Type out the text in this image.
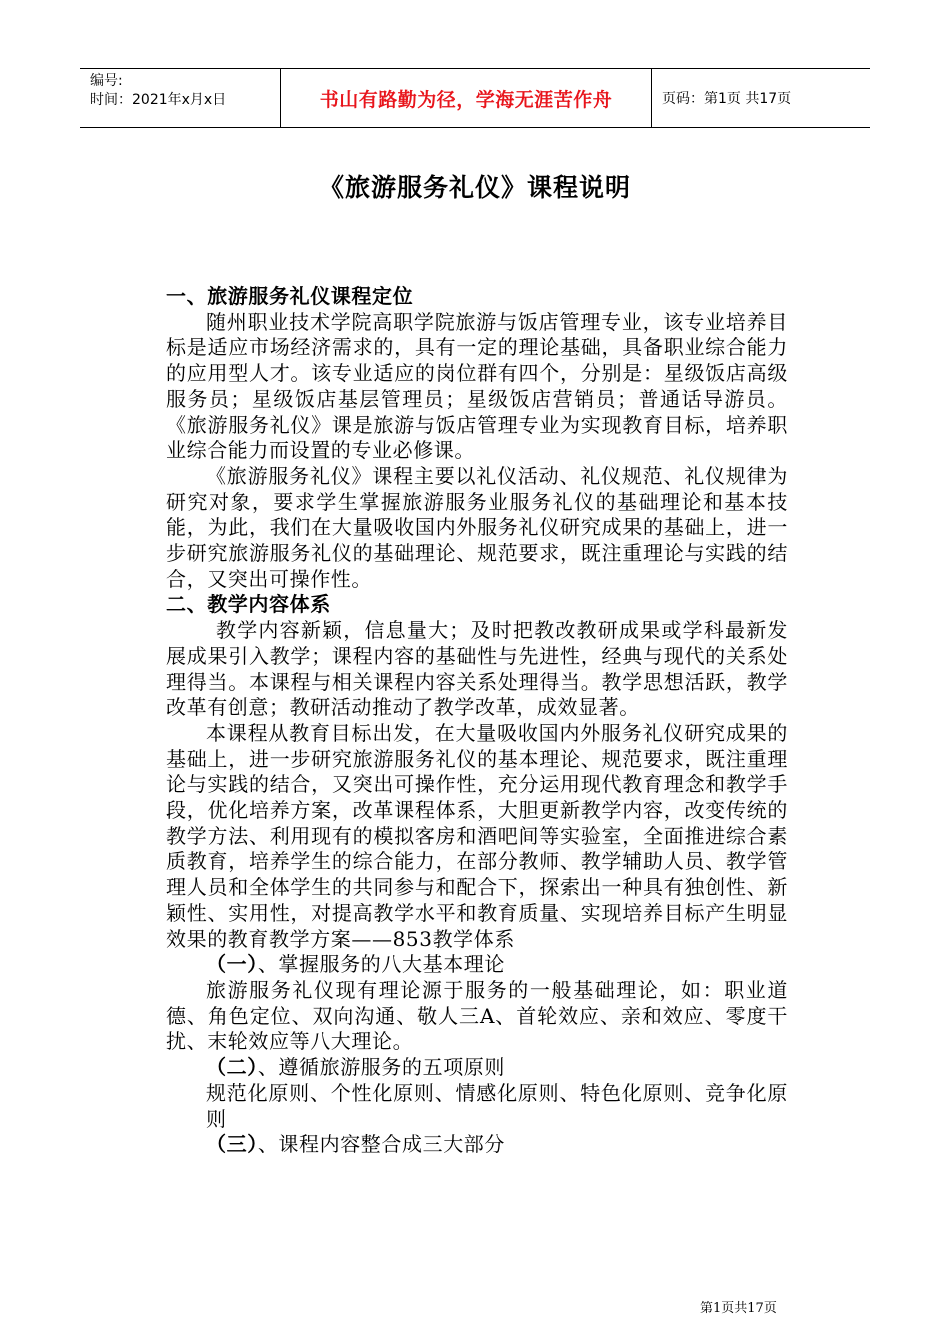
编号:
时间：2021年x月x日	书山有路勤为径，学海无涯苦作舟	页码：第1页 共17页
《旅游服务礼仪》课程说明

一、旅游服务礼仪课程定位

随州职业技术学院高职学院旅游与饭店管理专业，该专业培养目标是适应市场经济需求的，具有一定的理论基础，具备职业综合能力的应用型人才。该专业适应的岗位群有四个，分别是：星级饭店高级服务员；星级饭店基层管理员；星级饭店营销员；普通话导游员。《旅游服务礼仪》课是旅游与饭店管理专业为实现教育目标，培养职业综合能力而设置的专业必修课。

《旅游服务礼仪》课程主要以礼仪活动、礼仪规范、礼仪规律为研究对象，要求学生掌握旅游服务业服务礼仪的基础理论和基本技能，为此，我们在大量吸收国内外服务礼仪研究成果的基础上，进一步研究旅游服务礼仪的基础理论、规范要求，既注重理论与实践的结合，又突出可操作性。

二、教学内容体系

教学内容新颖，信息量大；及时把教改教研成果或学科最新发展成果引入教学；课程内容的基础性与先进性，经典与现代的关系处理得当。本课程与相关课程内容关系处理得当。教学思想活跃，教学改革有创意；教研活动推动了教学改革，成效显著。

本课程从教育目标出发，在大量吸收国内外服务礼仪研究成果的基础上，进一步研究旅游服务礼仪的基本理论、规范要求，既注重理论与实践的结合，又突出可操作性，充分运用现代教育理念和教学手段，优化培养方案，改革课程体系，大胆更新教学内容，改变传统的教学方法、利用现有的模拟客房和酒吧间等实验室，全面推进综合素质教育，培养学生的综合能力，在部分教师、教学辅助人员、教学管理人员和全体学生的共同参与和配合下，探索出一种具有独创性、新颖性、实用性，对提高教学水平和教育质量、实现培养目标产生明显效果的教育教学方案——853教学体系

（一）、掌握服务的八大基本理论

旅游服务礼仪现有理论源于服务的一般基础理论，如：职业道德、角色定位、双向沟通、敬人三A、首轮效应、亲和效应、零度干扰、末轮效应等八大理论。

（二）、遵循旅游服务的五项原则

规范化原则、个性化原则、情感化原则、特色化原则、竞争化原则

（三）、课程内容整合成三大部分

第1页共17页
